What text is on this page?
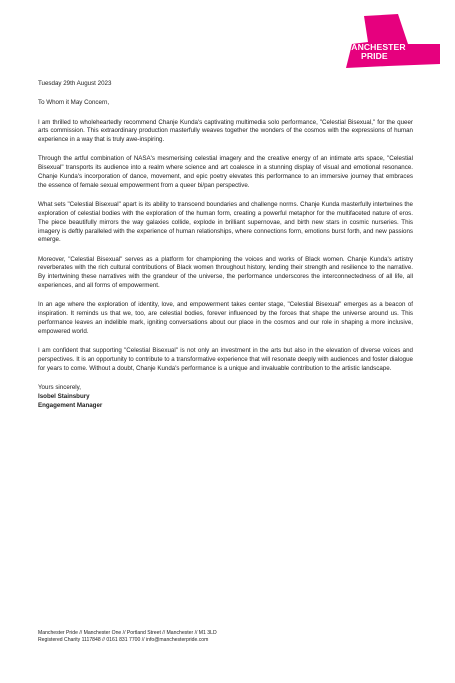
MANCHESTER
PRIDE

Tuesday 29th August 2023

To Whom it May Concern,

I am thrilled to wholeheartedly recommend Chanje Kunda's captivating multimedia solo performance, "Celestial Bisexual," for the queer arts commission. This extraordinary production masterfully weaves together the wonders of the cosmos with the expressions of human experience in a way that is truly awe-inspiring.

Through the artful combination of NASA's mesmerising celestial imagery and the creative energy of an intimate arts space, "Celestial Bisexual" transports its audience into a realm where science and art coalesce in a stunning display of visual and emotional resonance. Chanje Kunda's incorporation of dance, movement, and epic poetry elevates this performance to an immersive journey that embraces the essence of female sexual empowerment from a queer bi/pan perspective.

What sets "Celestial Bisexual" apart is its ability to transcend boundaries and challenge norms. Chanje Kunda masterfully intertwines the exploration of celestial bodies with the exploration of the human form, creating a powerful metaphor for the multifaceted nature of eros. The piece beautifully mirrors the way galaxies collide, explode in brilliant supernovae, and birth new stars in cosmic nurseries. This imagery is deftly paralleled with the experience of human relationships, where connections form, emotions burst forth, and new passions emerge.

Moreover, "Celestial Bisexual" serves as a platform for championing the voices and works of Black women. Chanje Kunda's artistry reverberates with the rich cultural contributions of Black women throughout history, lending their strength and resilience to the narrative. By intertwining these narratives with the grandeur of the universe, the performance underscores the interconnectedness of all life, all experiences, and all forms of empowerment.

In an age where the exploration of identity, love, and empowerment takes center stage, "Celestial Bisexual" emerges as a beacon of inspiration. It reminds us that we, too, are celestial bodies, forever influenced by the forces that shape the universe around us. This performance leaves an indelible mark, igniting conversations about our place in the cosmos and our role in shaping a more inclusive, empowered world.

I am confident that supporting "Celestial Bisexual" is not only an investment in the arts but also in the elevation of diverse voices and perspectives. It is an opportunity to contribute to a transformative experience that will resonate deeply with audiences and foster dialogue for years to come. Without a doubt, Chanje Kunda's performance is a unique and invaluable contribution to the artistic landscape.

Yours sincerely,

Isobel Stainsbury

Engagement Manager

Manchester Pride // Manchester One // Portland Street // Manchester // M1 3LD
Registered Charity 1117848 // 0161 831 7700 // info@manchesterpride.com
